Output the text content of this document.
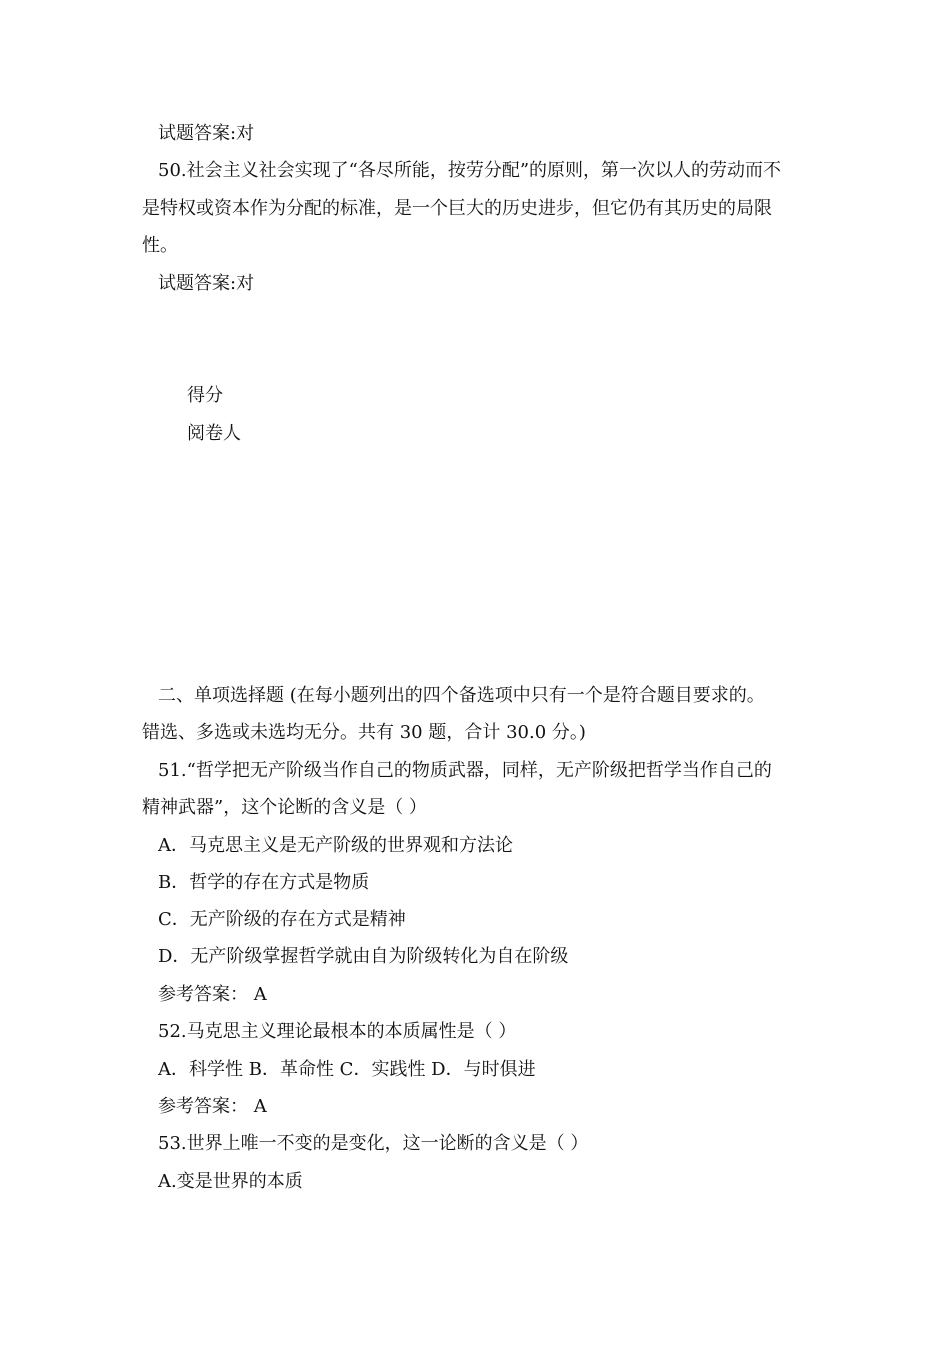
试题答案:对
50.社会主义社会实现了“各尽所能，按劳分配”的原则，第一次以人的劳动而不
是特权或资本作为分配的标准，是一个巨大的历史进步，但它仍有其历史的局限
性。
试题答案:对
得分
阅卷人
二、单项选择题 (在每小题列出的四个备选项中只有一个是符合题目要求的。
错选、多选或未选均无分。共有 30 题，合计 30.0 分。)
51.“哲学把无产阶级当作自己的物质武器，同样，无产阶级把哲学当作自己的
精神武器”，这个论断的含义是（ ）
A．马克思主义是无产阶级的世界观和方法论
B．哲学的存在方式是物质
C．无产阶级的存在方式是精神
D．无产阶级掌握哲学就由自为阶级转化为自在阶级
参考答案： A
52.马克思主义理论最根本的本质属性是（ ）
A．科学性 B．革命性 C．实践性 D．与时俱进
参考答案： A
53.世界上唯一不变的是变化，这一论断的含义是（ ）
A.变是世界的本质
